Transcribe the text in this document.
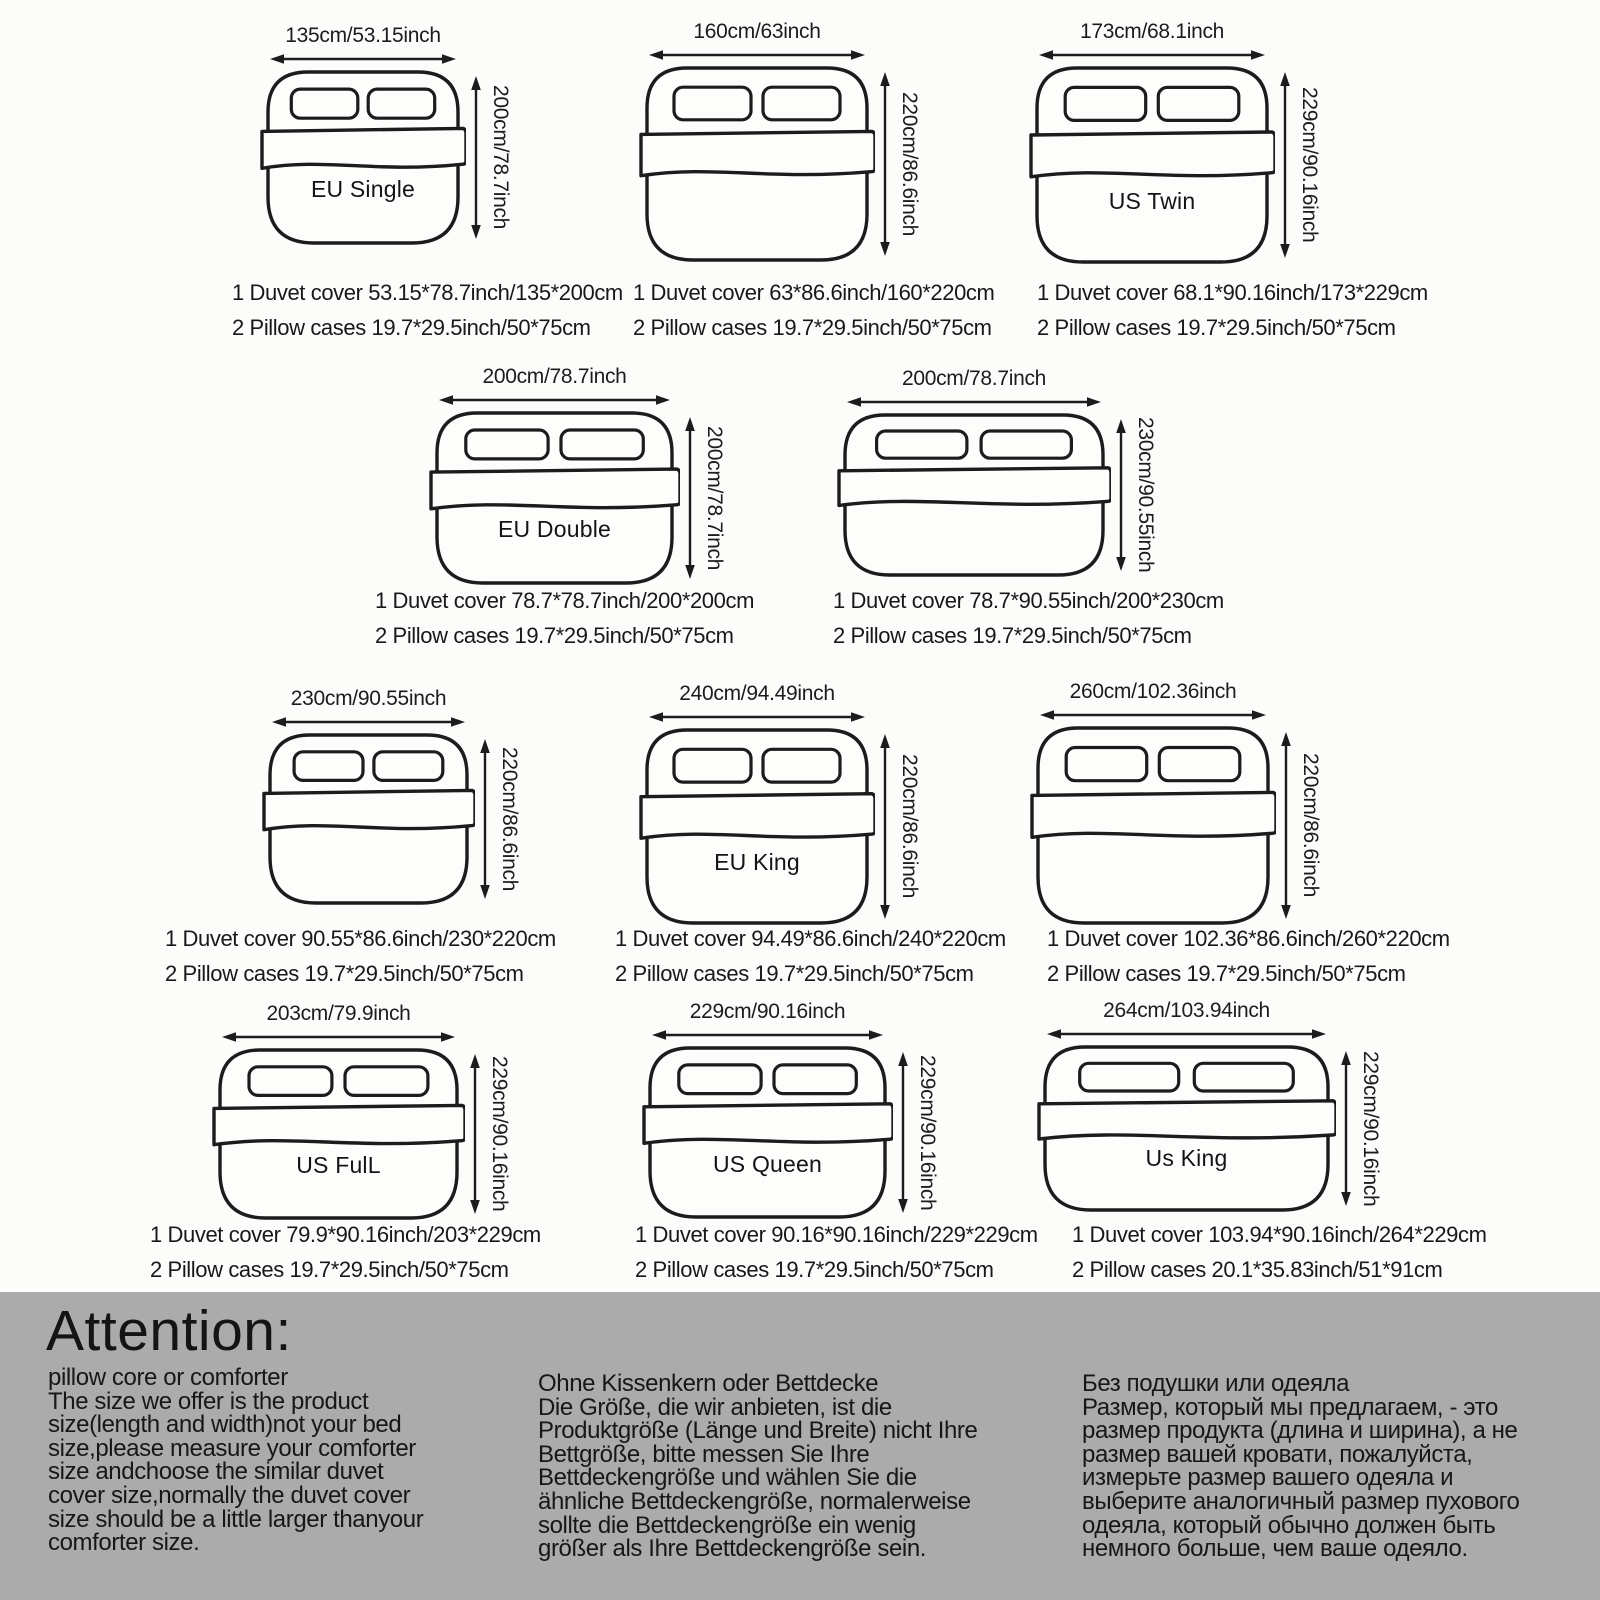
135cm/53.15inch
EU Single	200cm/78.7inch
1 Duvet cover 53.15*78.7inch/135*200cm
2 Pillow cases 19.7*29.5inch/50*75cm
160cm/63inch
220cm/86.6inch
1 Duvet cover 63*86.6inch/160*220cm
2 Pillow cases 19.7*29.5inch/50*75cm
173cm/68.1inch
US Twin	229cm/90.16inch
1 Duvet cover 68.1*90.16inch/173*229cm
2 Pillow cases 19.7*29.5inch/50*75cm
200cm/78.7inch
EU Double	200cm/78.7inch
1 Duvet cover 78.7*78.7inch/200*200cm
2 Pillow cases 19.7*29.5inch/50*75cm
200cm/78.7inch
230cm/90.55inch
1 Duvet cover 78.7*90.55inch/200*230cm
2 Pillow cases 19.7*29.5inch/50*75cm
230cm/90.55inch
220cm/86.6inch
1 Duvet cover 90.55*86.6inch/230*220cm
2 Pillow cases 19.7*29.5inch/50*75cm
240cm/94.49inch
EU King	220cm/86.6inch
1 Duvet cover 94.49*86.6inch/240*220cm
2 Pillow cases 19.7*29.5inch/50*75cm
260cm/102.36inch
220cm/86.6inch
1 Duvet cover 102.36*86.6inch/260*220cm
2 Pillow cases 19.7*29.5inch/50*75cm
203cm/79.9inch
US FulL	229cm/90.16inch
1 Duvet cover 79.9*90.16inch/203*229cm
2 Pillow cases 19.7*29.5inch/50*75cm
229cm/90.16inch
US Queen	229cm/90.16inch
1 Duvet cover 90.16*90.16inch/229*229cm
2 Pillow cases 19.7*29.5inch/50*75cm
264cm/103.94inch
Us King	229cm/90.16inch
1 Duvet cover 103.94*90.16inch/264*229cm
2 Pillow cases 20.1*35.83inch/51*91cm
Attention:
pillow core or comforter
The size we offer is the product
size(length and width)not your bed
size,please measure your comforter
size andchoose the similar duvet
cover size,normally the duvet cover
size should be a little larger thanyour
comforter size.
Ohne Kissenkern oder Bettdecke
Die Größe, die wir anbieten, ist die
Produktgröße (Länge und Breite) nicht Ihre
Bettgröße, bitte messen Sie Ihre
Bettdeckengröße und wählen Sie die
ähnliche Bettdeckengröße, normalerweise
sollte die Bettdeckengröße ein wenig
größer als Ihre Bettdeckengröße sein.
Без подушки или одеяла
Размер, который мы предлагаем, - это
размер продукта (длина и ширина), а не
размер вашей кровати, пожалуйста,
измерьте размер вашего одеяла и
выберите аналогичный размер пухового
одеяла, который обычно должен быть
немного больше, чем ваше одеяло.
